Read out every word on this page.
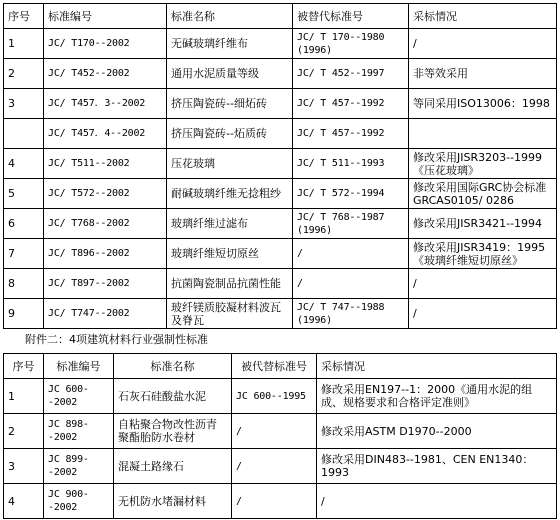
序号	标准编号	标准名称	被替代标准号	采标情况
1	JC/ T170--2002	无碱玻璃纤维布	JC/ T 170--1980 (1996)	/
2	JC/ T452--2002	通用水泥质量等级	JC/ T 452--1997	非等效采用
3	JC/ T457．3--2002	挤压陶瓷砖--细炻砖	JC/ T 457--1992	等同采用ISO13006：1998
	JC/ T457．4--2002	挤压陶瓷砖--炻质砖	JC/ T 457--1992	
4	JC/ T511--2002	压花玻璃	JC/ T 511--1993	修改采用JISR3203--1999 《压花玻璃》
5	JC/ T572--2002	耐碱玻璃纤维无捻粗纱	JC/ T 572--1994	修改采用国际GRC协会标准GRCAS0105/ 0286
6	JC/ T768--2002	玻璃纤维过滤布	JC/ T 768--1987 (1996)	修改采用JISR3421--1994
7	JC/ T896--2002	玻璃纤维短切原丝	/	修改采用JISR3419：1995 《玻璃纤维短切原丝》
8	JC/ T897--2002	抗菌陶瓷制品抗菌性能	/	/
9	JC/ T747--2002	玻纤镁质胶凝材料波瓦及脊瓦	JC/ T 747--1988 (1996)	/
附件二：4项建筑材料行业强制性标准
序号	标准编号	标准名称	被代替标准号	采标情况
1	JC 600--2002	石灰石硅酸盐水泥	JC 600--1995	修改采用EN197--1：2000《通用水泥的组成、规格要求和合格评定准则》
2	JC 898--2002	自粘聚合物改性沥青聚酯胎防水卷材	/	修改采用ASTM D1970--2000
3	JC 899--2002	混凝土路缘石	/	修改采用DIN483--1981、CEN EN1340：1993
4	JC 900--2002	无机防水堵漏材料	/	/
